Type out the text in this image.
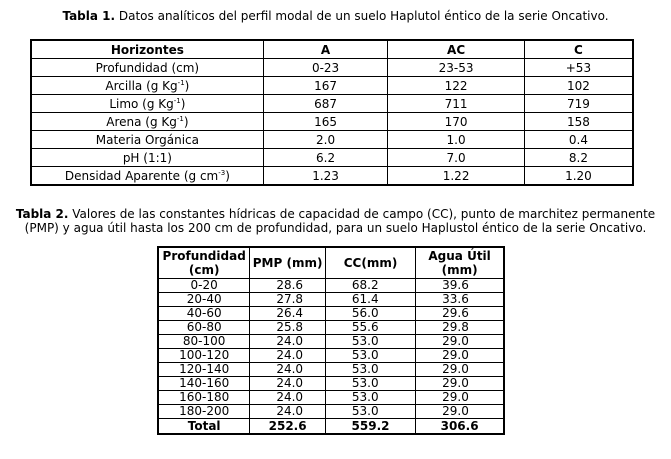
Tabla 1. Datos analíticos del perfil modal de un suelo Haplutol éntico de la serie Oncativo.
Horizontes	A	AC	C
Profundidad (cm)	0-23	23-53	+53
Arcilla (g $Kg^{-1}$)	167	122	102
Limo (g $Kg^{-1}$)	687	711	719
Arena (g $Kg^{-1}$)	165	170	158
Materia Orgánica	2.0	1.0	0.4
pH (1:1)	6.2	7.0	8.2
Densidad Aparente (g $cm^{-3}$)	1.23	1.22	1.20
Tabla 2. Valores de las constantes hídricas de capacidad de campo (CC), punto de marchitez permanente (PMP) y agua útil hasta los 200 cm de profundidad, para un suelo Haplustol éntico de la serie Oncativo.
Profundidad (cm)	PMP (mm)	CC(mm)	Agua Útil (mm)
0-20	28.6	68.2	39.6
20-40	27.8	61.4	33.6
40-60	26.4	56.0	29.6
60-80	25.8	55.6	29.8
80-100	24.0	53.0	29.0
100-120	24.0	53.0	29.0
120-140	24.0	53.0	29.0
140-160	24.0	53.0	29.0
160-180	24.0	53.0	29.0
180-200	24.0	53.0	29.0
Total	252.6	559.2	306.6
